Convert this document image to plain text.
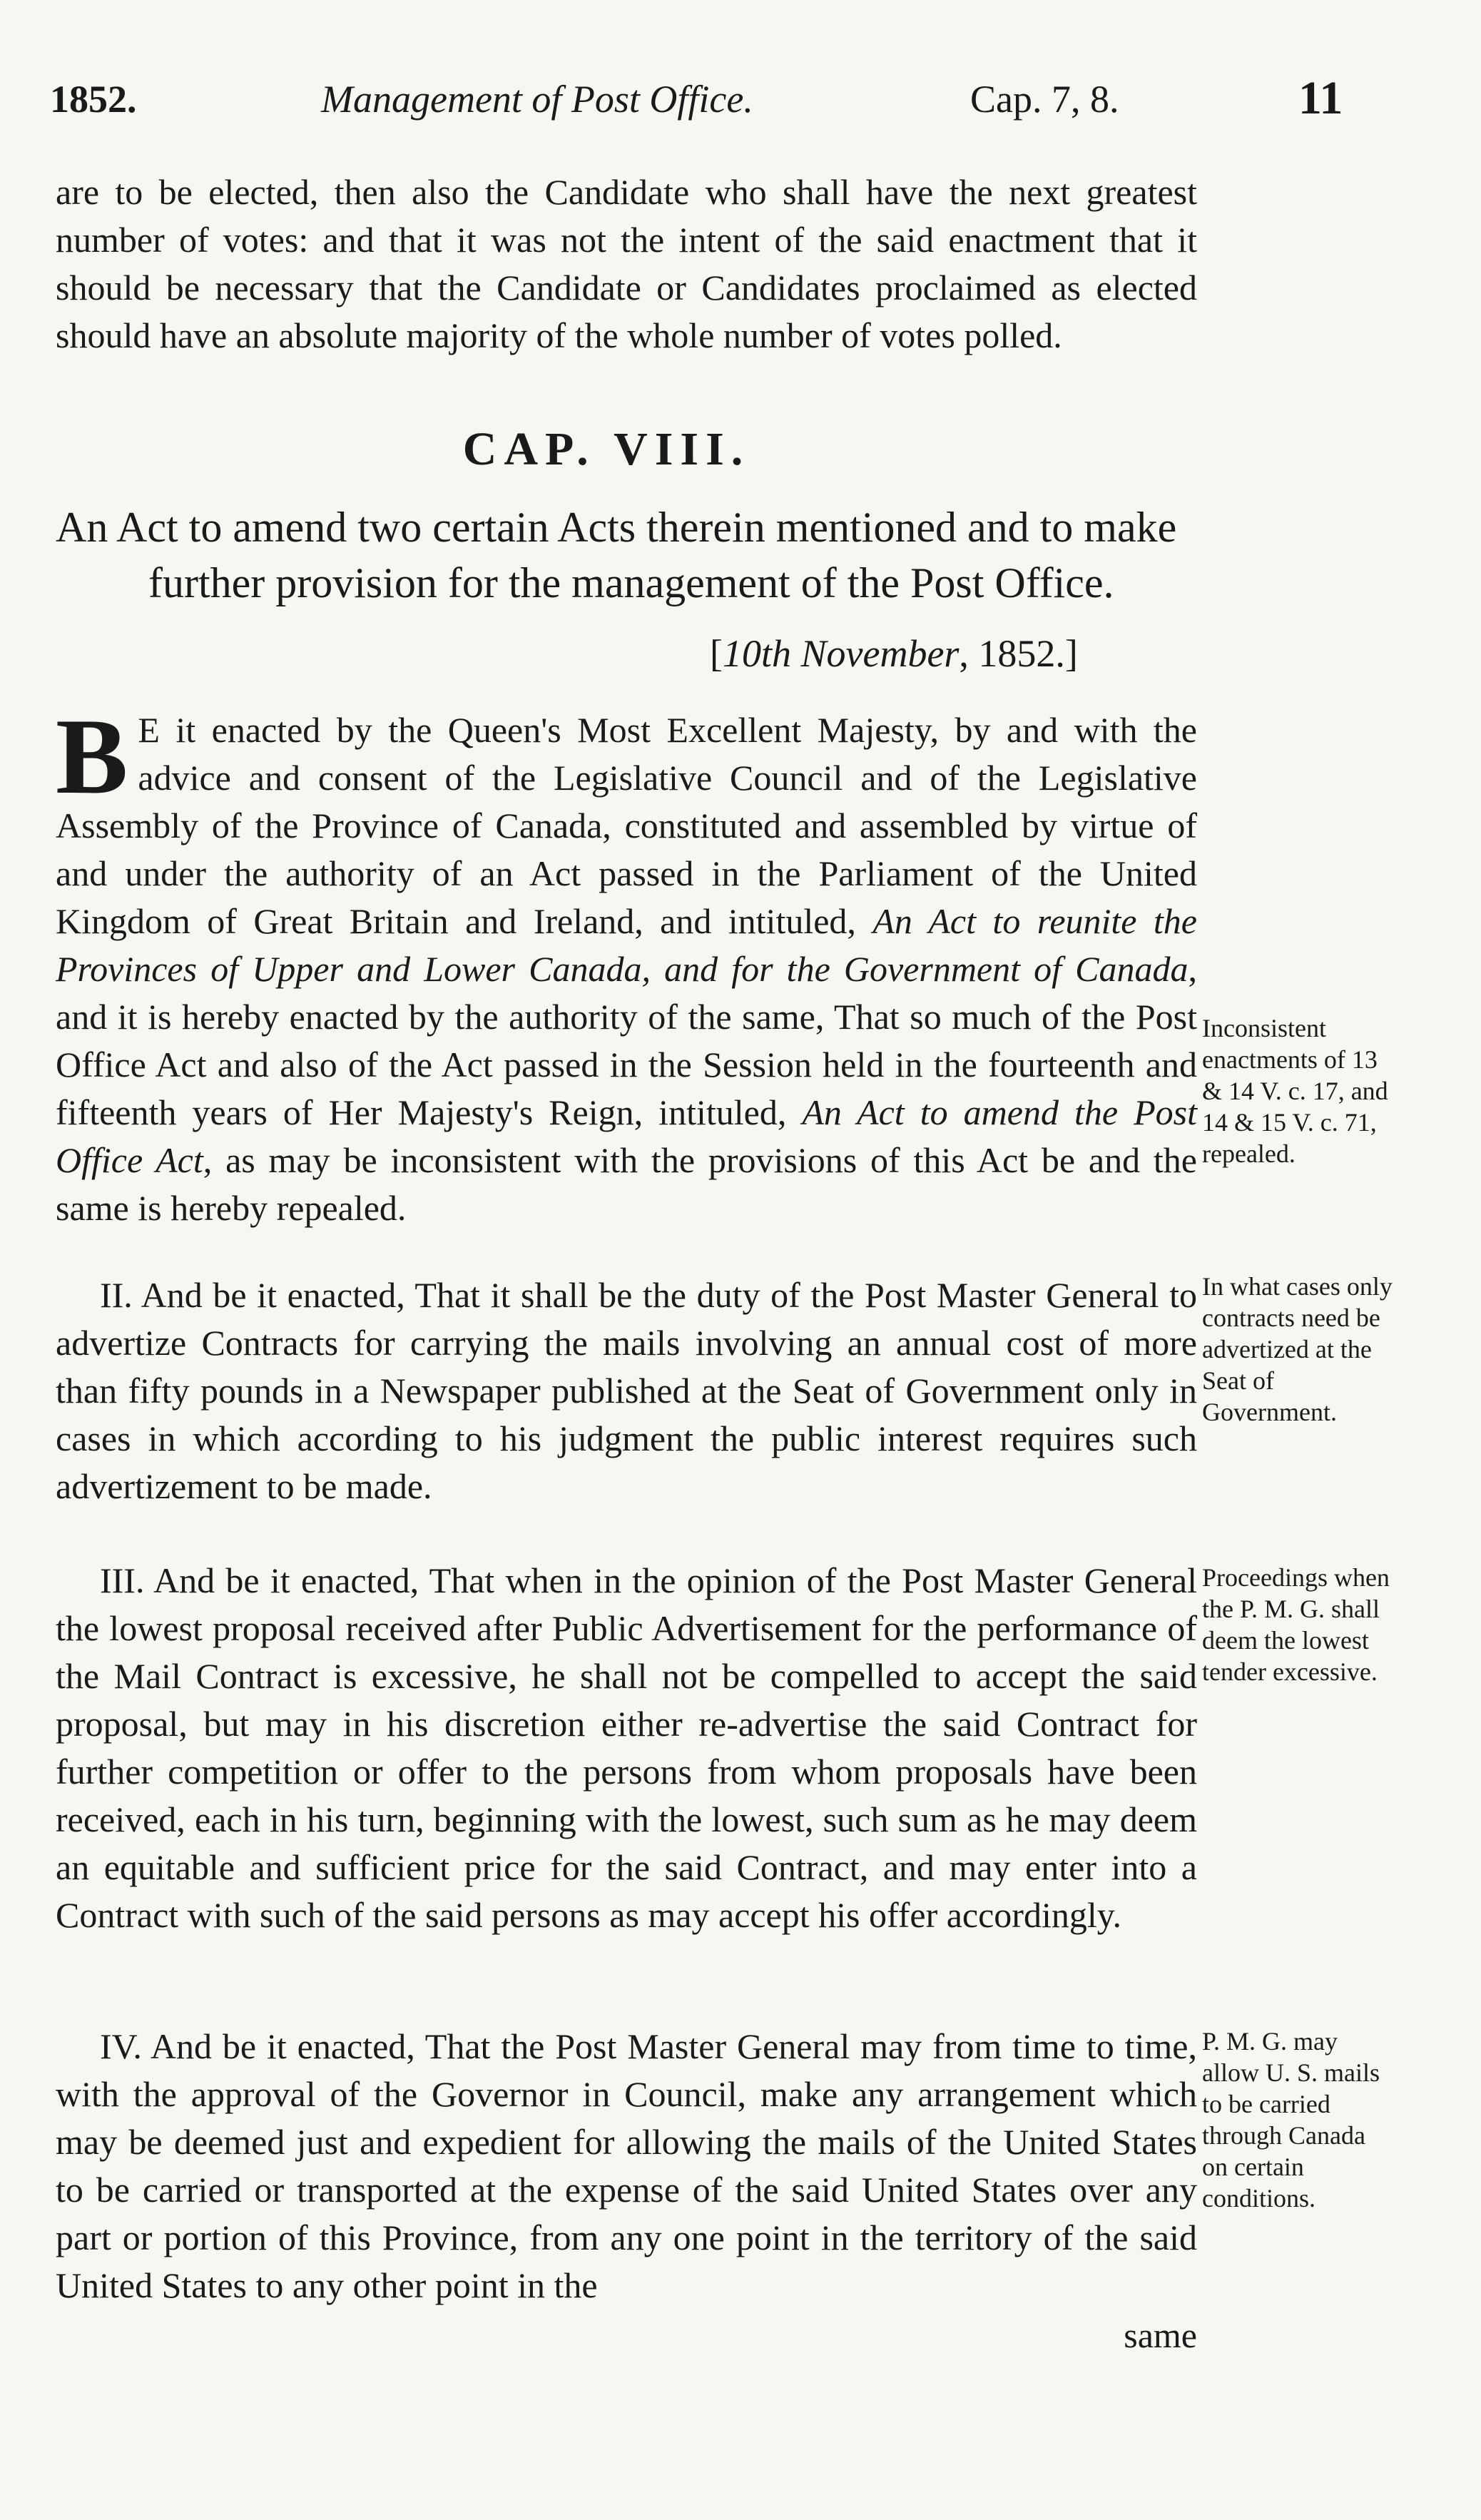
1852.	Management of Post Office.	Cap. 7, 8.	11

are to be elected, then also the Candidate who shall have the next greatest number of votes: and that it was not the intent of the said enactment that it should be necessary that the Candidate or Candidates proclaimed as elected should have an absolute majority of the whole number of votes polled.

CAP. VIII.
An Act to amend two certain Acts therein mentioned and to make further provision for the management of the Post Office.
[10th November, 1852.]

B E it enacted by the Queen's Most Excellent Majesty, by and with the advice and consent of the Legislative Council and of the Legislative Assembly of the Province of Canada, constituted and assembled by virtue of and under the authority of an Act passed in the Parliament of the United Kingdom of Great Britain and Ireland, and intituled, An Act to reunite the Provinces of Upper and Lower Canada, and for the Government of Canada, and it is hereby enacted by the authority of the same, That so much of the Post Office Act and also of the Act passed in the Session held in the fourteenth and fifteenth years of Her Majesty's Reign, intituled, An Act to amend the Post Office Act, as may be inconsistent with the provisions of this Act be and the same is hereby repealed.

II. And be it enacted, That it shall be the duty of the Post Master General to advertize Contracts for carrying the mails involving an annual cost of more than fifty pounds in a Newspaper published at the Seat of Government only in cases in which according to his judgment the public interest requires such advertizement to be made.

III. And be it enacted, That when in the opinion of the Post Master General the lowest proposal received after Public Advertisement for the performance of the Mail Contract is excessive, he shall not be compelled to accept the said proposal, but may in his discretion either re-advertise the said Contract for further competition or offer to the persons from whom proposals have been received, each in his turn, beginning with the lowest, such sum as he may deem an equitable and sufficient price for the said Contract, and may enter into a Contract with such of the said persons as may accept his offer accordingly.

IV. And be it enacted, That the Post Master General may from time to time, with the approval of the Governor in Council, make any arrangement which may be deemed just and expedient for allowing the mails of the United States to be carried or transported at the expense of the said United States over any part or portion of this Province, from any one point in the territory of the said United States to any other point in the

same

Inconsistent enactments of 13 & 14 V. c. 17, and 14 & 15 V. c. 71, repealed.

In what cases only contracts need be advertized at the Seat of Government.

Proceedings when the P. M. G. shall deem the lowest tender excessive.

P. M. G. may allow U. S. mails to be carried through Canada on certain conditions.
